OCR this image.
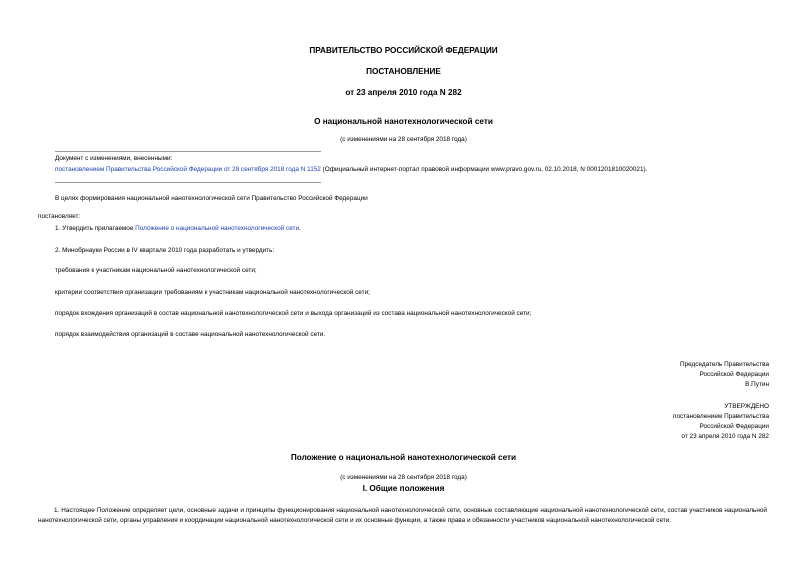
ПРАВИТЕЛЬСТВО РОССИЙСКОЙ ФЕДЕРАЦИИ
ПОСТАНОВЛЕНИЕ
от 23 апреля 2010 года N 282
О национальной нанотехнологической сети
(с изменениями на 28 сентября 2018 года)
Документ с изменениями, внесенными:
постановлением Правительства Российской Федерации от 28 сентября 2018 года N 1152 (Официальный интернет-портал правовой информации www.pravo.gov.ru, 02.10.2018, N 0001201810020021).
В целях формирования национальной нанотехнологической сети Правительство Российской Федерации
постановляет:
1. Утвердить прилагаемое Положение о национальной нанотехнологической сети.
2. Минобрнауки России в IV квартале 2010 года разработать и утвердить:
требования к участникам национальной нанотехнологической сети;
критерии соответствия организации требованиям к участникам национальной нанотехнологической сети;
порядок вхождения организаций в состав национальной нанотехнологической сети и выхода организаций из состава национальной нанотехнологической сети;
порядок взаимодействия организаций в составе национальной нанотехнологической сети.
Председатель Правительства
Российской Федерации
В.Путин
УТВЕРЖДЕНО
постановлением Правительства
Российской Федерации
от 23 апреля 2010 года N 282
Положение о национальной нанотехнологической сети
(с изменениями на 28 сентября 2018 года)
I. Общие положения
1. Настоящее Положение определяет цели, основные задачи и принципы функционирования национальной нанотехнологической сети, основные составляющие национальной нанотехнологической сети, состав участников национальной нанотехнологической сети, органы управления и координации национальной нанотехнологической сети и их основные функции, а также права и обязанности участников национальной нанотехнологической сети.
